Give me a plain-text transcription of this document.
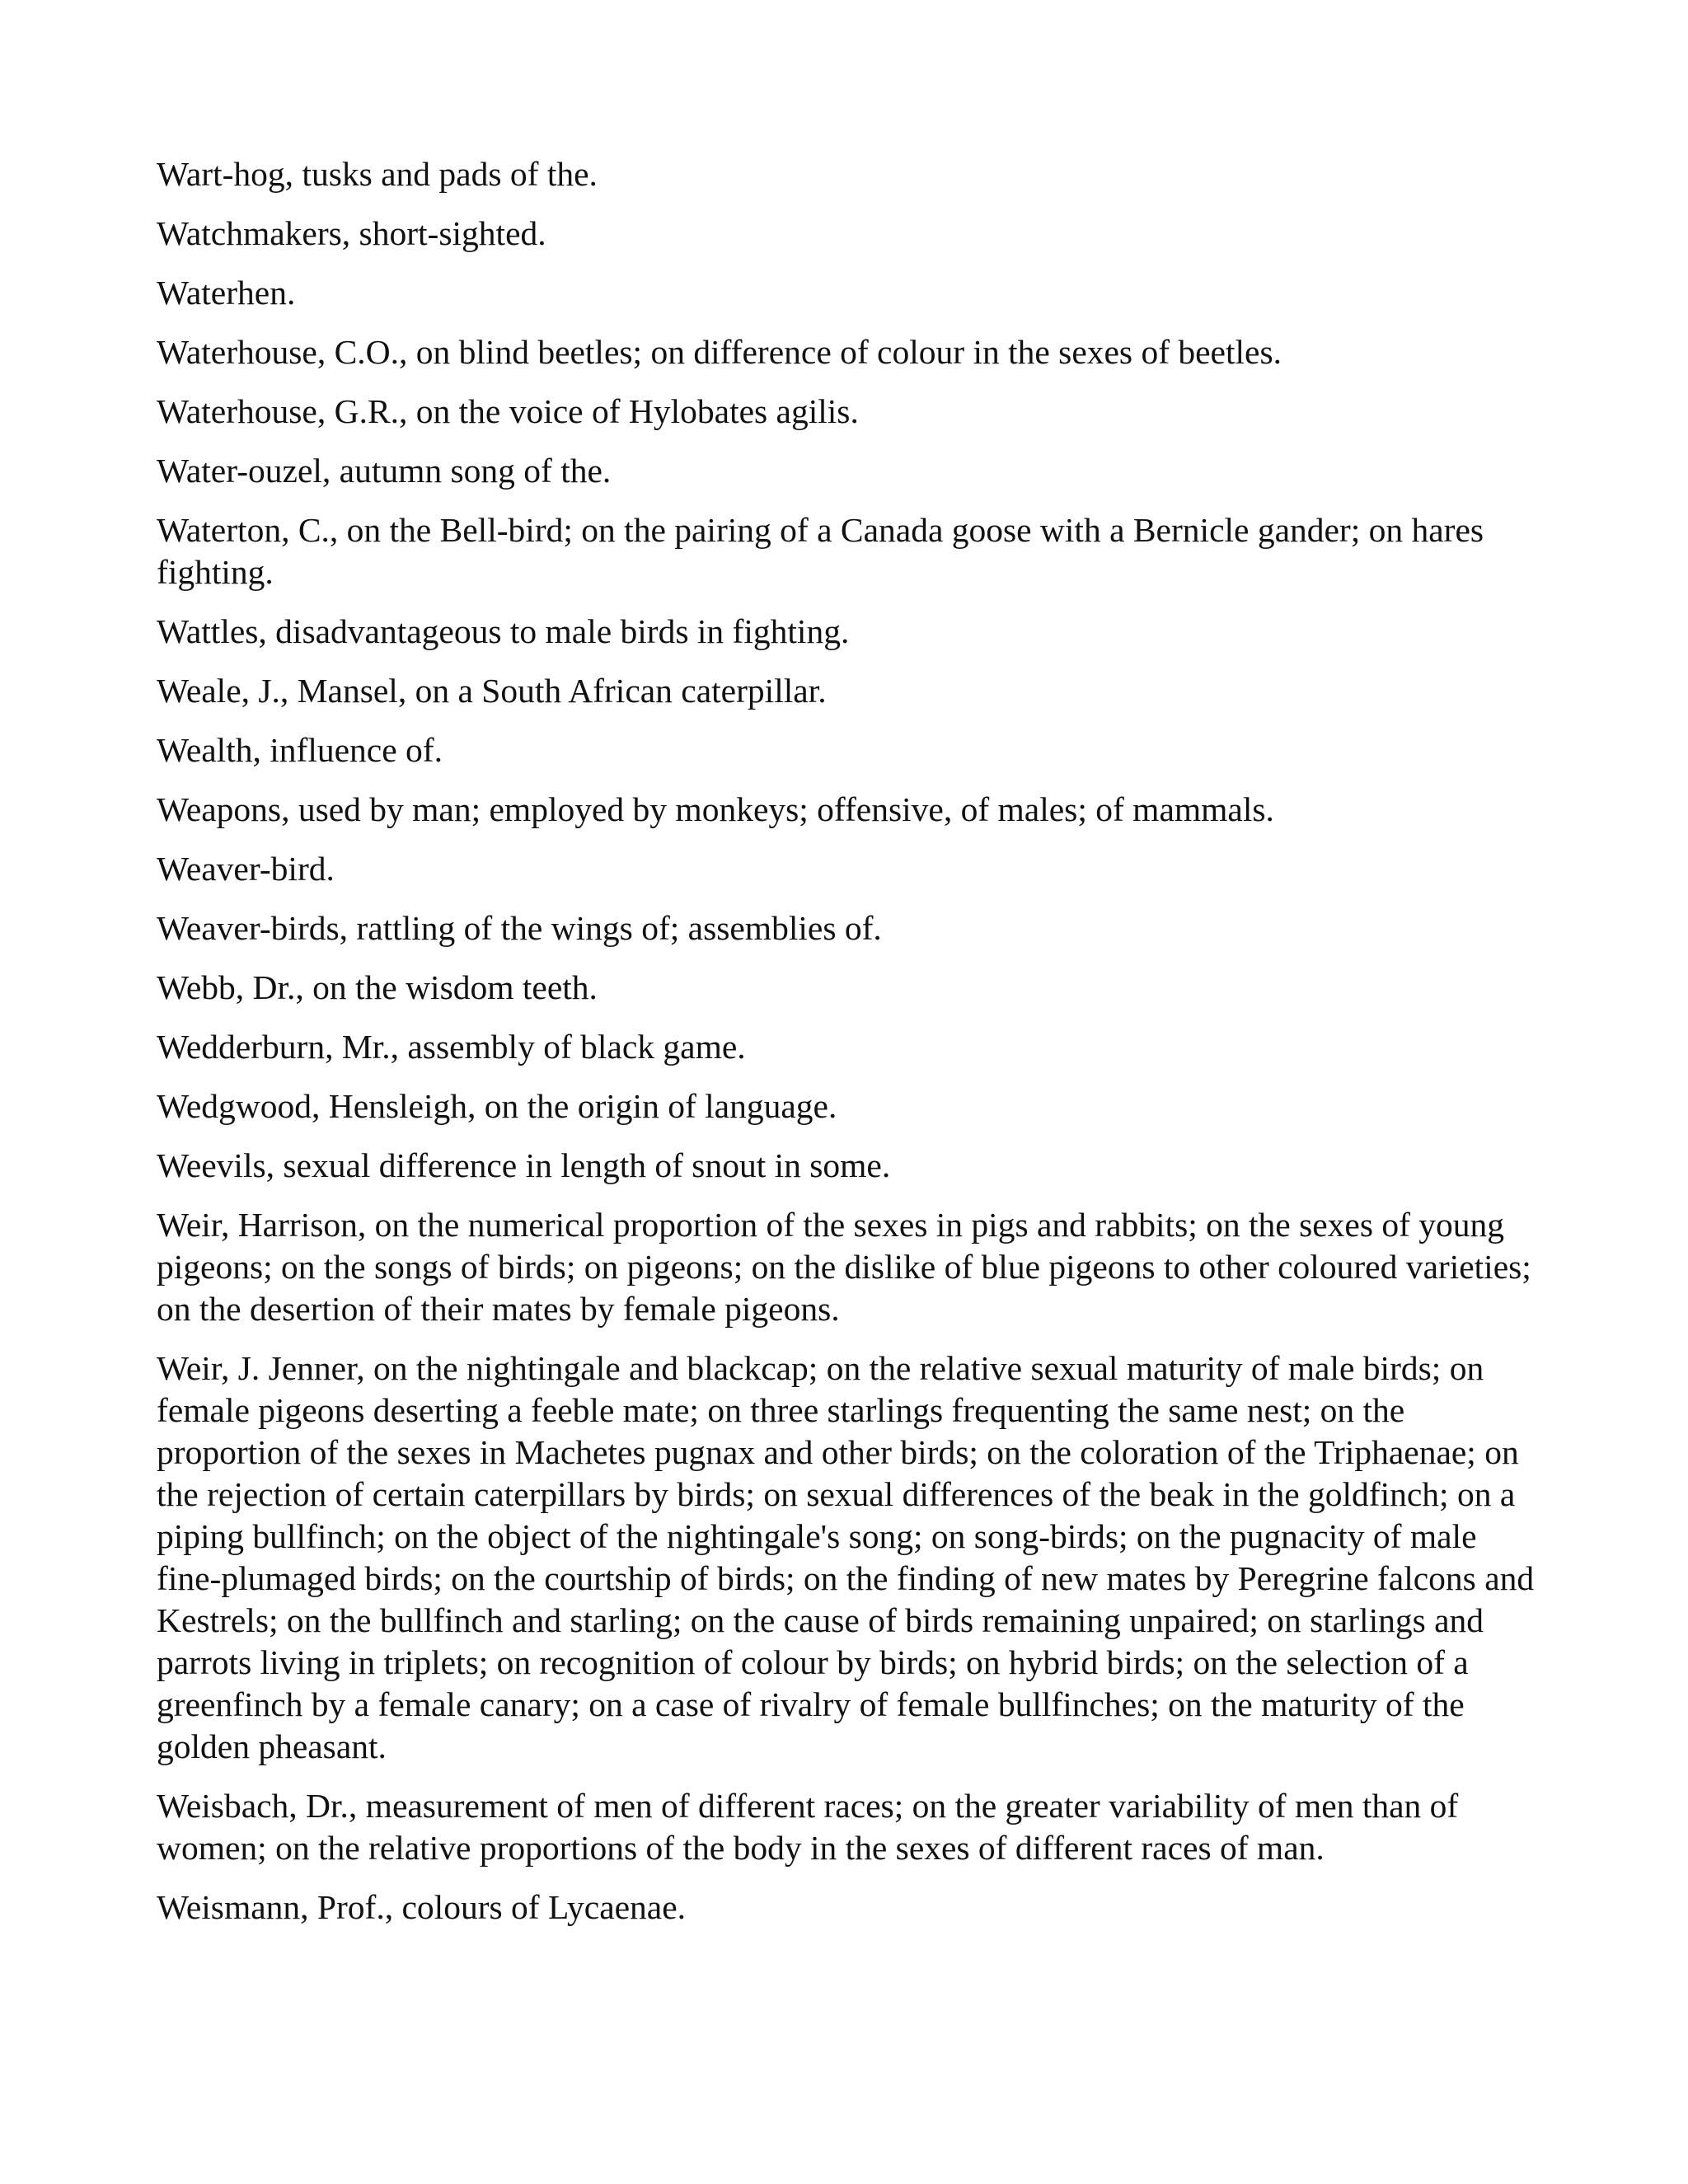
Wart-hog, tusks and pads of the.

Watchmakers, short-sighted.

Waterhen.

Waterhouse, C.O., on blind beetles; on difference of colour in the sexes of beetles.

Waterhouse, G.R., on the voice of Hylobates agilis.

Water-ouzel, autumn song of the.

Waterton, C., on the Bell-bird; on the pairing of a Canada goose with a Bernicle gander; on hares fighting.

Wattles, disadvantageous to male birds in fighting.

Weale, J., Mansel, on a South African caterpillar.

Wealth, influence of.

Weapons, used by man; employed by monkeys; offensive, of males; of mammals.

Weaver-bird.

Weaver-birds, rattling of the wings of; assemblies of.

Webb, Dr., on the wisdom teeth.

Wedderburn, Mr., assembly of black game.

Wedgwood, Hensleigh, on the origin of language.

Weevils, sexual difference in length of snout in some.

Weir, Harrison, on the numerical proportion of the sexes in pigs and rabbits; on the sexes of young pigeons; on the songs of birds; on pigeons; on the dislike of blue pigeons to other coloured varieties; on the desertion of their mates by female pigeons.

Weir, J. Jenner, on the nightingale and blackcap; on the relative sexual maturity of male birds; on female pigeons deserting a feeble mate; on three starlings frequenting the same nest; on the proportion of the sexes in Machetes pugnax and other birds; on the coloration of the Triphaenae; on the rejection of certain caterpillars by birds; on sexual differences of the beak in the goldfinch; on a piping bullfinch; on the object of the nightingale's song; on song-birds; on the pugnacity of male fine-plumaged birds; on the courtship of birds; on the finding of new mates by Peregrine falcons and Kestrels; on the bullfinch and starling; on the cause of birds remaining unpaired; on starlings and parrots living in triplets; on recognition of colour by birds; on hybrid birds; on the selection of a greenfinch by a female canary; on a case of rivalry of female bullfinches; on the maturity of the golden pheasant.

Weisbach, Dr., measurement of men of different races; on the greater variability of men than of women; on the relative proportions of the body in the sexes of different races of man.

Weismann, Prof., colours of Lycaenae.
